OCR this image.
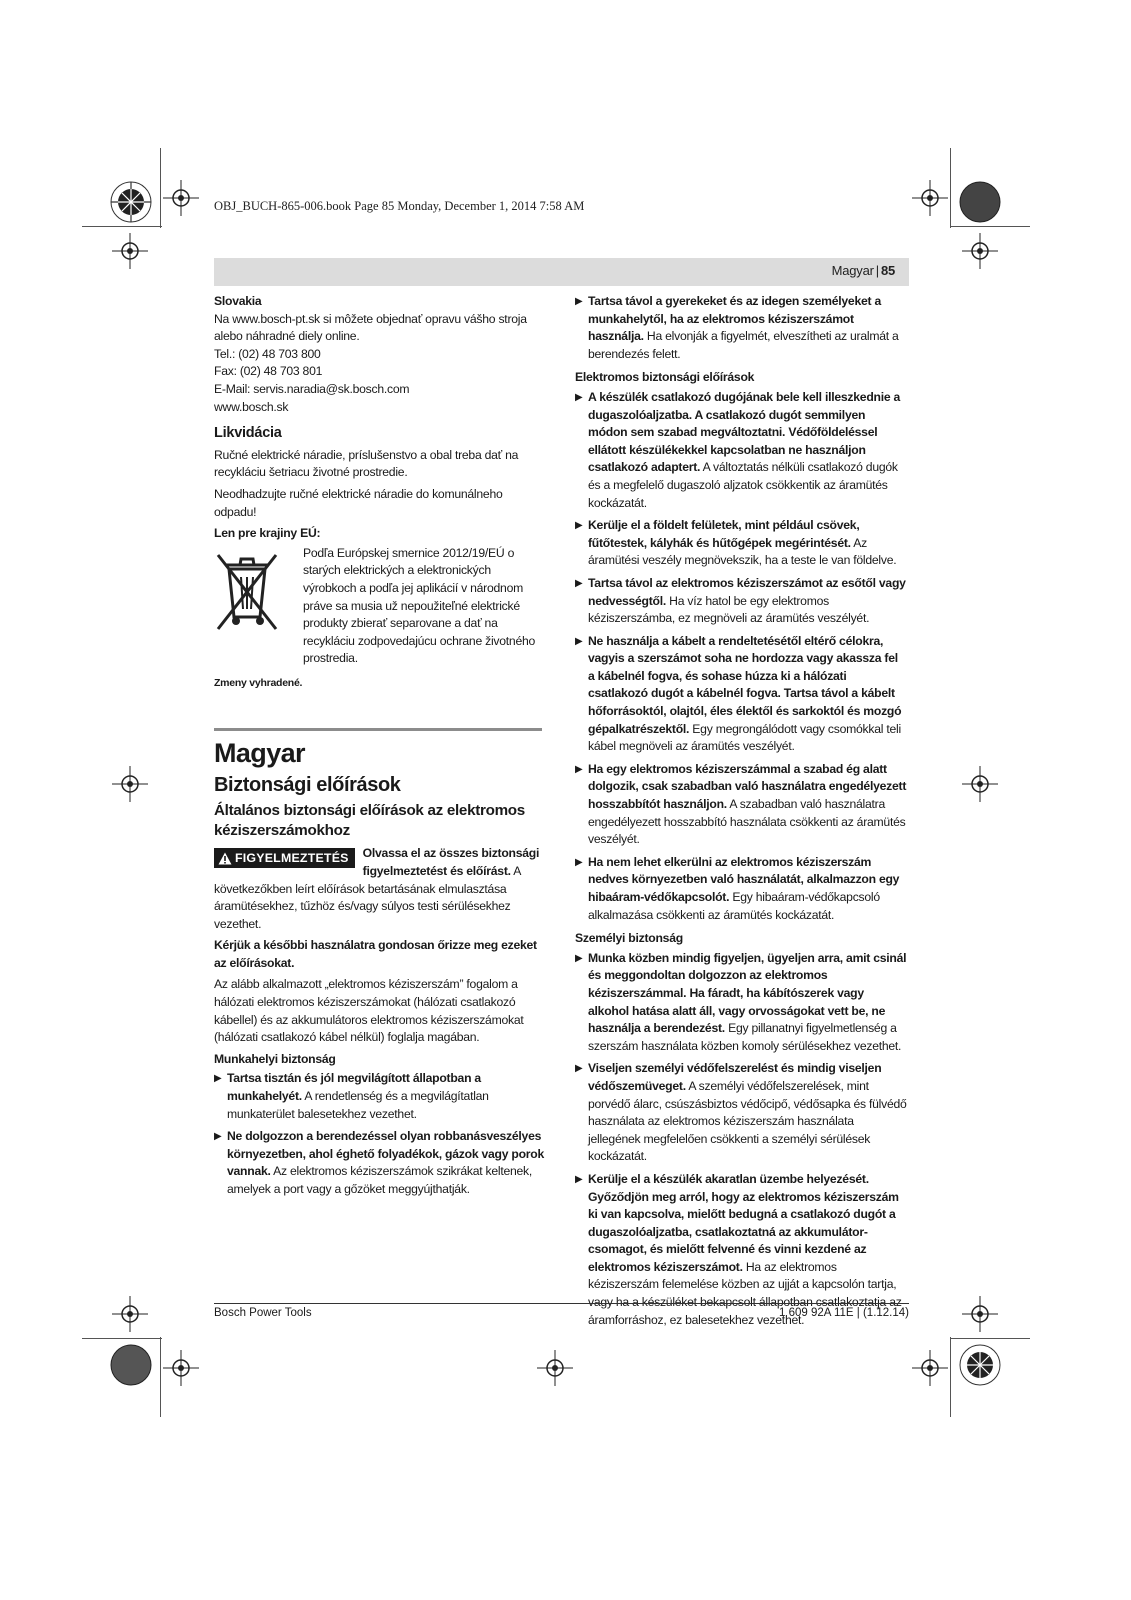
OBJ_BUCH-865-006.book Page 85 Monday, December 1, 2014 7:58 AM
Magyar | 85

Slovakia

Na www.bosch-pt.sk si môžete objednať opravu vášho stroja alebo náhradné diely online.
Tel.: (02) 48 703 800
Fax: (02) 48 703 801
E-Mail: servis.naradia@sk.bosch.com
www.bosch.sk

Likvidácia

Ručné elektrické náradie, príslušenstvo a obal treba dať na recykláciu šetriacu životné prostredie.

Neodhadzujte ručné elektrické náradie do komunálneho odpadu!

Len pre krajiny EÚ:

Podľa Európskej smernice 2012/19/EÚ o starých elektrických a elektronických výrobkoch a podľa jej aplikácií v národnom práve sa musia už nepoužiteľné elektrické produkty zbierať separovane a dať na recykláciu zodpovedajúcu ochrane životného prostredia.

Zmeny vyhradené.

Magyar

Biztonsági előírások

Általános biztonsági előírások az elektromos kéziszerszámokhoz

FIGYELMEZTETÉS	Olvassa el az összes biztonsági figyelmeztetést és előírást. A következőkben leírt előírások betartásának elmulasztása áramütésekhez, tűzhöz és/vagy súlyos testi sérülésekhez vezethet.

Kérjük a későbbi használatra gondosan őrizze meg ezeket az előírásokat.

Az alább alkalmazott „elektromos kéziszerszám” fogalom a hálózati elektromos kéziszerszámokat (hálózati csatlakozó kábellel) és az akkumulátoros elektromos kéziszerszámokat (hálózati csatlakozó kábel nélkül) foglalja magában.

Munkahelyi biztonság

▶ Tartsa tisztán és jól megvilágított állapotban a munkahelyét. A rendetlenség és a megvilágítatlan munkaterület balesetekhez vezethet.
▶ Ne dolgozzon a berendezéssel olyan robbanásveszélyes környezetben, ahol éghető folyadékok, gázok vagy porok vannak. Az elektromos kéziszerszámok szikrákat keltenek, amelyek a port vagy a gőzöket meggyújthatják.
▶ Tartsa távol a gyerekeket és az idegen személyeket a munkahelytől, ha az elektromos kéziszerszámot használja. Ha elvonják a figyelmét, elveszítheti az uralmát a berendezés felett.

Elektromos biztonsági előírások

▶ A készülék csatlakozó dugójának bele kell illeszkednie a dugaszolóaljzatba. A csatlakozó dugót semmilyen módon sem szabad megváltoztatni. Védőföldeléssel ellátott készülékekkel kapcsolatban ne használjon csatlakozó adaptert. A változtatás nélküli csatlakozó dugók és a megfelelő dugaszoló aljzatok csökkentik az áramütés kockázatát.
▶ Kerülje el a földelt felületek, mint például csövek, fűtőtestek, kályhák és hűtőgépek megérintését. Az áramütési veszély megnövekszik, ha a teste le van földelve.
▶ Tartsa távol az elektromos kéziszerszámot az esőtől vagy nedvességtől. Ha víz hatol be egy elektromos kéziszerszámba, ez megnöveli az áramütés veszélyét.
▶ Ne használja a kábelt a rendeltetésétől eltérő célokra, vagyis a szerszámot soha ne hordozza vagy akassza fel a kábelnél fogva, és sohase húzza ki a hálózati csatlakozó dugót a kábelnél fogva. Tartsa távol a kábelt hőforrásoktól, olajtól, éles élektől és sarkoktól és mozgó gépalkatrészektől. Egy megrongálódott vagy csomókkal teli kábel megnöveli az áramütés veszélyét.
▶ Ha egy elektromos kéziszerszámmal a szabad ég alatt dolgozik, csak szabadban való használatra engedélyezett hosszabbítót használjon. A szabadban való használatra engedélyezett hosszabbító használata csökkenti az áramütés veszélyét.
▶ Ha nem lehet elkerülni az elektromos kéziszerszám nedves környezetben való használatát, alkalmazzon egy hibaáram-védőkapcsolót. Egy hibaáram-védőkapcsoló alkalmazása csökkenti az áramütés kockázatát.

Személyi biztonság

▶ Munka közben mindig figyeljen, ügyeljen arra, amit csinál és meggondoltan dolgozzon az elektromos kéziszerszámmal. Ha fáradt, ha kábítószerek vagy alkohol hatása alatt áll, vagy orvosságokat vett be, ne használja a berendezést. Egy pillanatnyi figyelmetlenség a szerszám használata közben komoly sérülésekhez vezethet.
▶ Viseljen személyi védőfelszerelést és mindig viseljen védőszemüveget. A személyi védőfelszerelések, mint porvédő álarc, csúszásbiztos védőcipő, védősapka és fülvédő használata az elektromos kéziszerszám használata jellegének megfelelően csökkenti a személyi sérülések kockázatát.
▶ Kerülje el a készülék akaratlan üzembe helyezését. Győződjön meg arról, hogy az elektromos kéziszerszám ki van kapcsolva, mielőtt bedugná a csatlakozó dugót a dugaszolóaljzatba, csatlakoztatná az akkumulátor-csomagot, és mielőtt felvenné és vinni kezdené az elektromos kéziszerszámot. Ha az elektromos kéziszerszám felemelése közben az ujját a kapcsolón tartja, áramforráshoz, ez balesetekhez vezethet.
Bosch Power Tools	1 609 92A 11E | (1.12.14)
